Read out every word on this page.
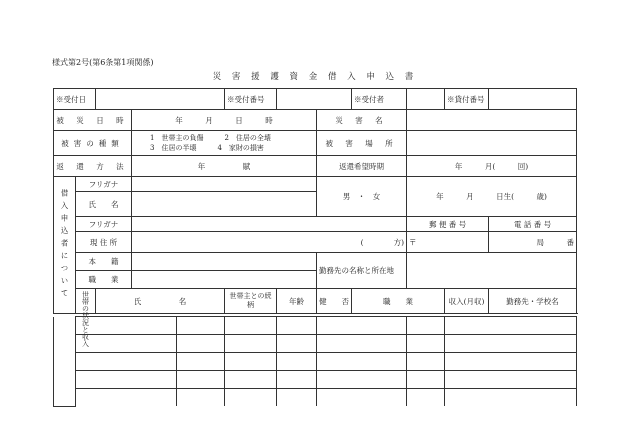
様式第2号(第6条第1項関係)
災 害 援 護 資 金 借 入 申 込 書
※受付日				※受付番号			※受付者		※貸付番号	
被 災 日 時			年　　　月　　　日　　　時			災 害 名				
被害の種類			1　世帯主の負傷　　　 2　住居の全壊
3　住居の半壊　　　 4　家財の損害			被 害 場 所				
返 還 方 法			年　　　　　賦			返還希望時期		年　　　月(　　　回)		
借入申込者について	フリガナ					男　・　女		年　　　月　　　日生(　　　歳)		
	氏　　名									
	フリガナ							郵 便 番 号		電 話 番 号
	現 住 所		(　　　　方)					〒		局　　　番
	本　　籍					勤務先の名称と所在地				
	職　　業									
	世帯の状況と収入	氏　　　　　名		世帯主との続柄	年齢	健　　否	職　　業		収入(月収)	勤務先・学校名
